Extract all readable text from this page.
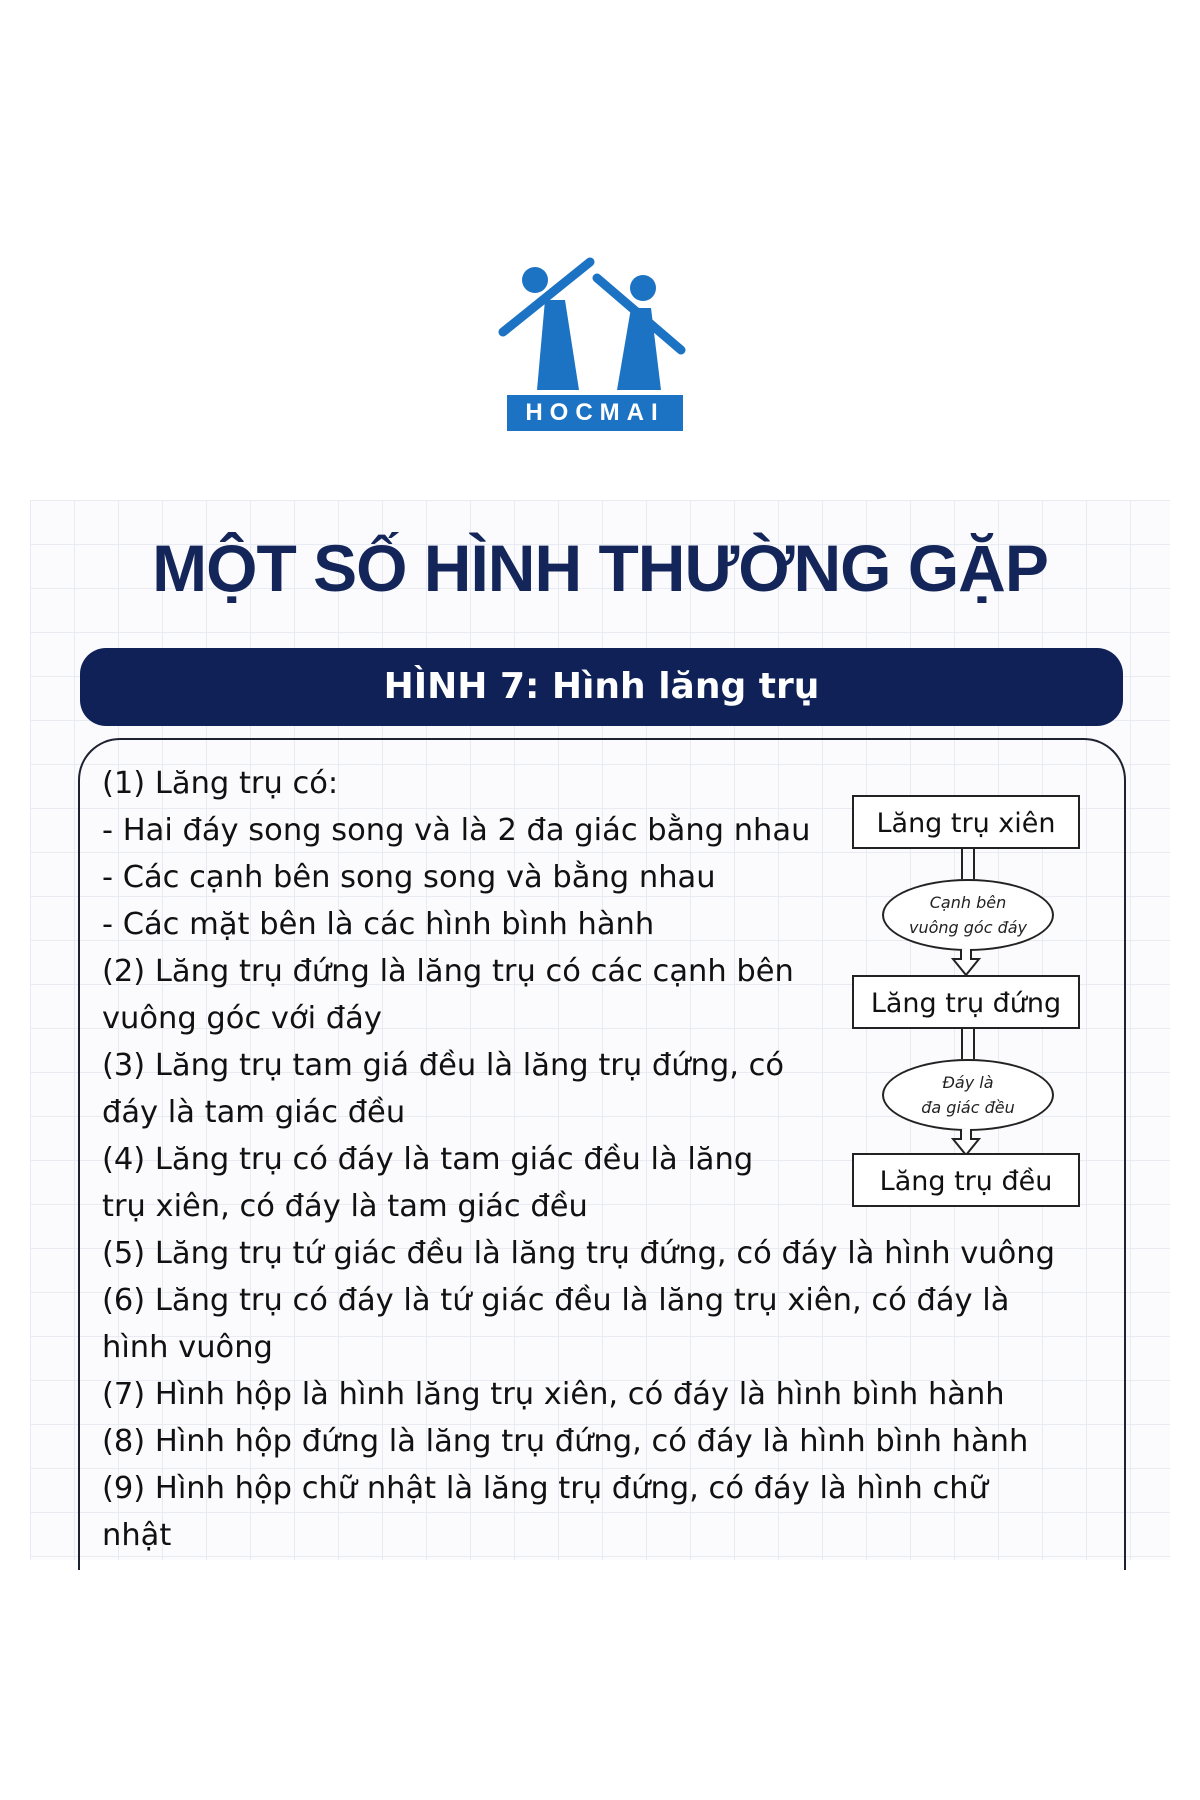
HOCMAI
MỘT SỐ HÌNH THƯỜNG GẶP
HÌNH 7: Hình lăng trụ
(1) Lăng trụ có:
- Hai đáy song song và là 2 đa giác bằng nhau
- Các cạnh bên song song và bằng nhau
- Các mặt bên là các hình bình hành
(2) Lăng trụ đứng là lăng trụ có các cạnh bên
vuông góc với đáy
(3) Lăng trụ tam giá đều là lăng trụ đứng, có
đáy là tam giác đều
(4) Lăng trụ có đáy là tam giác đều là lăng
trụ xiên, có đáy là tam giác đều
(5) Lăng trụ tứ giác đều là lăng trụ đứng, có đáy là hình vuông
(6) Lăng trụ có đáy là tứ giác đều là lăng trụ xiên, có đáy là
hình vuông
(7) Hình hộp là hình lăng trụ xiên, có đáy là hình bình hành
(8) Hình hộp đứng là lăng trụ đứng, có đáy là hình bình hành
(9) Hình hộp chữ nhật là lăng trụ đứng, có đáy là hình chữ
nhật
Lăng trụ xiên
Cạnh bên
vuông góc đáy
Lăng trụ đứng
Đáy là
đa giác đều
Lăng trụ đều
